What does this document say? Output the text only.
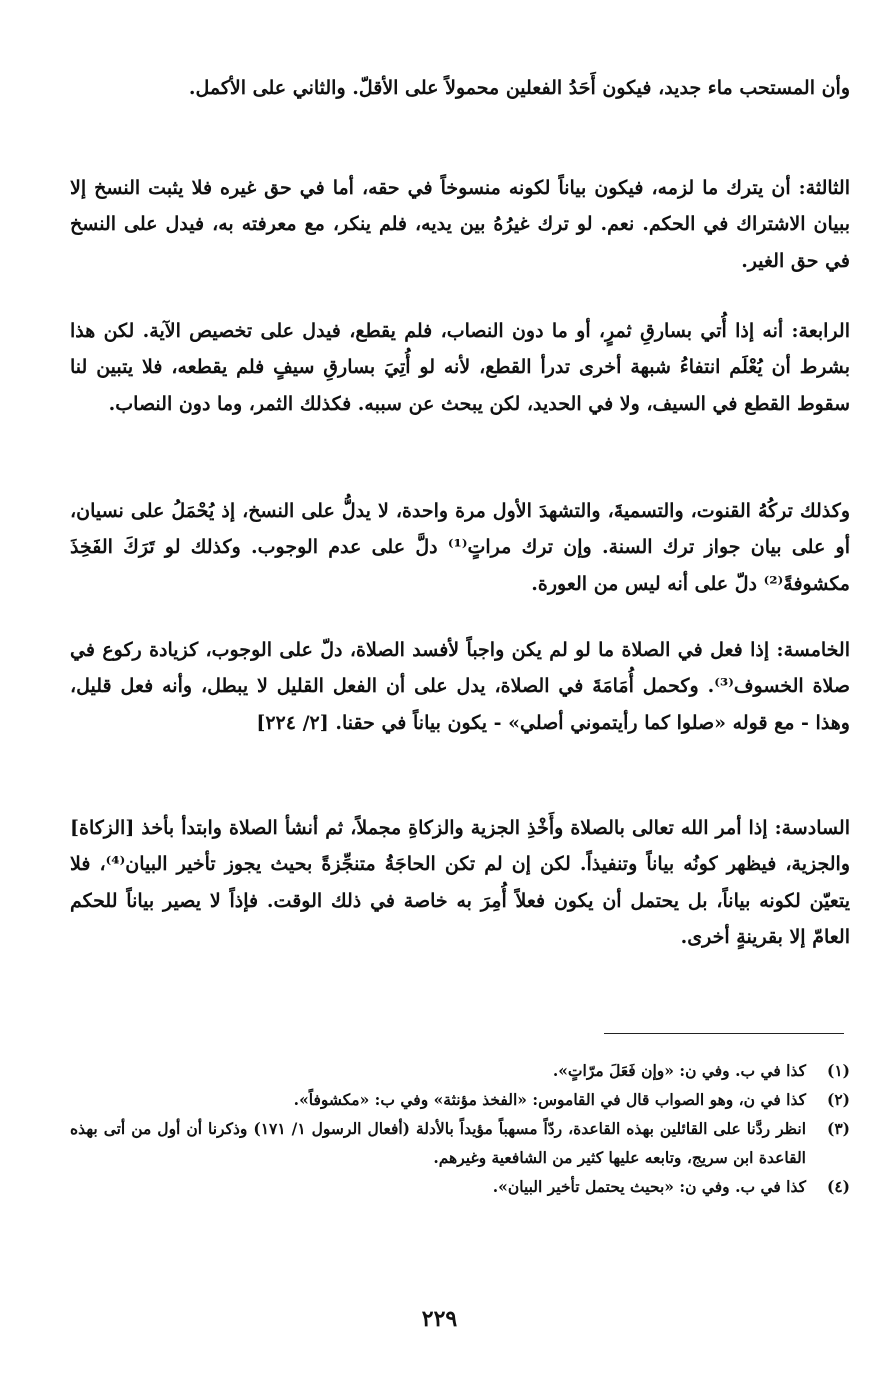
وأن المستحب ماء جديد، فيكون أَحَدُ الفعلين محمولاً على الأقلّ. والثاني على الأكمل.

الثالثة: أن يترك ما لزمه، فيكون بياناً لكونه منسوخاً في حقه، أما في حق غيره فلا يثبت النسخ إلا ببيان الاشتراك في الحكم. نعم. لو ترك غيرُهُ بين يديه، فلم ينكر، مع معرفته به، فيدل على النسخ في حق الغير.

الرابعة: أنه إذا أُتي بسارقِ ثمرٍ، أو ما دون النصاب، فلم يقطع، فيدل على تخصيص الآية. لكن هذا بشرط أن يُعْلَم انتفاءُ شبهة أخرى تدرأ القطع، لأنه لو أُتِيَ بسارقِ سيفٍ فلم يقطعه، فلا يتبين لنا سقوط القطع في السيف، ولا في الحديد، لكن يبحث عن سببه. فكذلك الثمر، وما دون النصاب.

وكذلك تركُهُ القنوت، والتسميةَ، والتشهدَ الأول مرة واحدة، لا يدلُّ على النسخ، إذ يُحْمَلُ على نسيان، أو على بيان جواز ترك السنة. وإن ترك مراتٍ⁽¹⁾ دلَّ على عدم الوجوب. وكذلك لو تَرَكَ الفَخِذَ مكشوفةً⁽²⁾ دلّ على أنه ليس من العورة.

الخامسة: إذا فعل في الصلاة ما لو لم يكن واجباً لأفسد الصلاة، دلّ على الوجوب، كزيادة ركوع في صلاة الخسوف⁽³⁾. وكحمل أُمَامَةَ في الصلاة، يدل على أن الفعل القليل لا يبطل، وأنه فعل قليل، وهذا - مع قوله «صلوا كما رأيتموني أصلي» - يكون بياناً في حقنا. [٢/ ٢٢٤]

السادسة: إذا أمر الله تعالى بالصلاة وأَخْذِ الجزية والزكاةِ مجملاً، ثم أنشأ الصلاة وابتدأ بأخذ [الزكاة] والجزية، فيظهر كونُه بياناً وتنفيذاً. لكن إن لم تكن الحاجَةُ متنجِّزةً بحيث يجوز تأخير البيان⁽⁴⁾، فلا يتعيّن لكونه بياناً، بل يحتمل أن يكون فعلاً أُمِرَ به خاصة في ذلك الوقت. فإذاً لا يصير بياناً للحكم العامّ إلا بقرينةٍ أخرى.

(١)
كذا في ب. وفي ن: «وإن فَعَلَ مرّاتٍ».

(٢)
كذا في ن، وهو الصواب قال في القاموس: «الفخذ مؤنثة» وفي ب: «مكشوفاً».

(٣)
انظر ردَّنا على القائلين بهذه القاعدة، ردّاً مسهباً مؤيداً بالأدلة (أفعال الرسول ١/ ١٧١) وذكرنا أن أول من أتى بهذه القاعدة ابن سريج، وتابعه عليها كثير من الشافعية وغيرهم.

(٤)
كذا في ب. وفي ن: «بحيث يحتمل تأخير البيان».

٢٢٩
